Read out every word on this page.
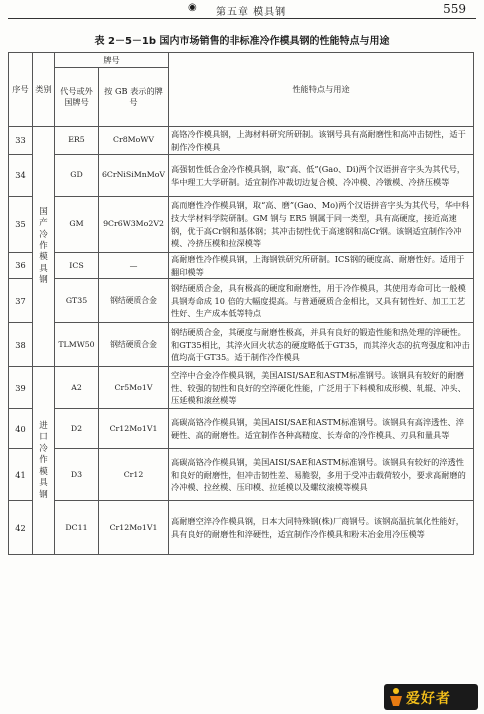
◉ 第五章 模具钢	559
表 2－5－1b 国内市场销售的非标准冷作模具钢的性能特点与用途
序号	类别	牌号		性能特点与用途
		代号或外国牌号	按 GB 表示的牌号	
33	国产冷作模具钢	ER5	Cr8MoWV	高铬冷作模具钢，上海材料研究所研制。该钢号具有高耐磨性和高冲击韧性，适于制作冷作模具
34		GD	6CrNiSiMnMoV	高强韧性低合金冷作模具钢，取“高、低”(Gao、Di)两个汉语拼音字头为其代号，华中理工大学研制。适宜制作冲裁切边复合模、冷冲模、冷镦模、冷挤压模等
35		GM	9Cr6W3Mo2V2	高而磨性冷作模具钢，取“高、磨”(Gao、Mo)两个汉语拼音字头为其代号，华中科技大学材料学院研制。GM 钢与 ER5 钢属于同一类型，具有高硬度，接近高速钢，优于高Cr钢和基体钢；其冲击韧性优于高速钢和高Cr钢。该钢适宜制作冷冲模、冷挤压模和拉深模等
36		ICS	—	高耐磨性冷作模具钢，上海钢铁研究所研制。ICS钢的硬度高、耐磨性好。适用于翻印模等
37		GT35	钢结硬质合金	钢结硬质合金，具有极高的硬度和耐磨性，用于冷作模具，其使用寿命可比一般模具钢寿命成 10 倍的大幅度提高。与普通硬质合金相比，又具有韧性好、加工工艺性好、生产成本低等特点
38		TLMW50	钢结硬质合金	钢结硬质合金，其硬度与耐磨性极高，并具有良好的锻造性能和热处理的淬硬性。和GT35相比，其淬火回火状态的硬度略低于GT35，而其淬火态的抗弯强度和冲击值均高于GT35。适于制作冷作模具
39	进口冷作模具钢	A2	Cr5Mo1V	空淬中合金冷作模具钢，美国AISI/SAE和ASTM标准钢号。该钢具有较好的耐磨性、较强的韧性和良好的空淬硬化性能，广泛用于下料模和成形模、轧辊、冲头、压延模和滚丝模等
40		D2	Cr12Mo1V1	高碳高铬冷作模具钢，美国AISI/SAE和ASTM标准钢号。该钢具有高淬透性、淬硬性、高的耐磨性。适宜制作各种高精度、长寿命的冷作模具、刃具和量具等
41		D3	Cr12	高碳高铬冷作模具钢，美国AISI/SAE和ASTM标准钢号。该钢具有较好的淬透性和良好的耐磨性，但冲击韧性差、易脆裂，多用于受冲击载荷较小，要求高耐磨的冷冲模、拉丝模、压印模、拉延模以及螺纹滚模等模具
42		DC11	Cr12Mo1V1	高耐磨空淬冷作模具钢，日本大同特殊钢(株)厂商钢号。该钢高温抗氧化性能好，具有良好的耐磨性和淬硬性，适宜制作冷作模具和粉末冶金用冷压模等
爱好者
